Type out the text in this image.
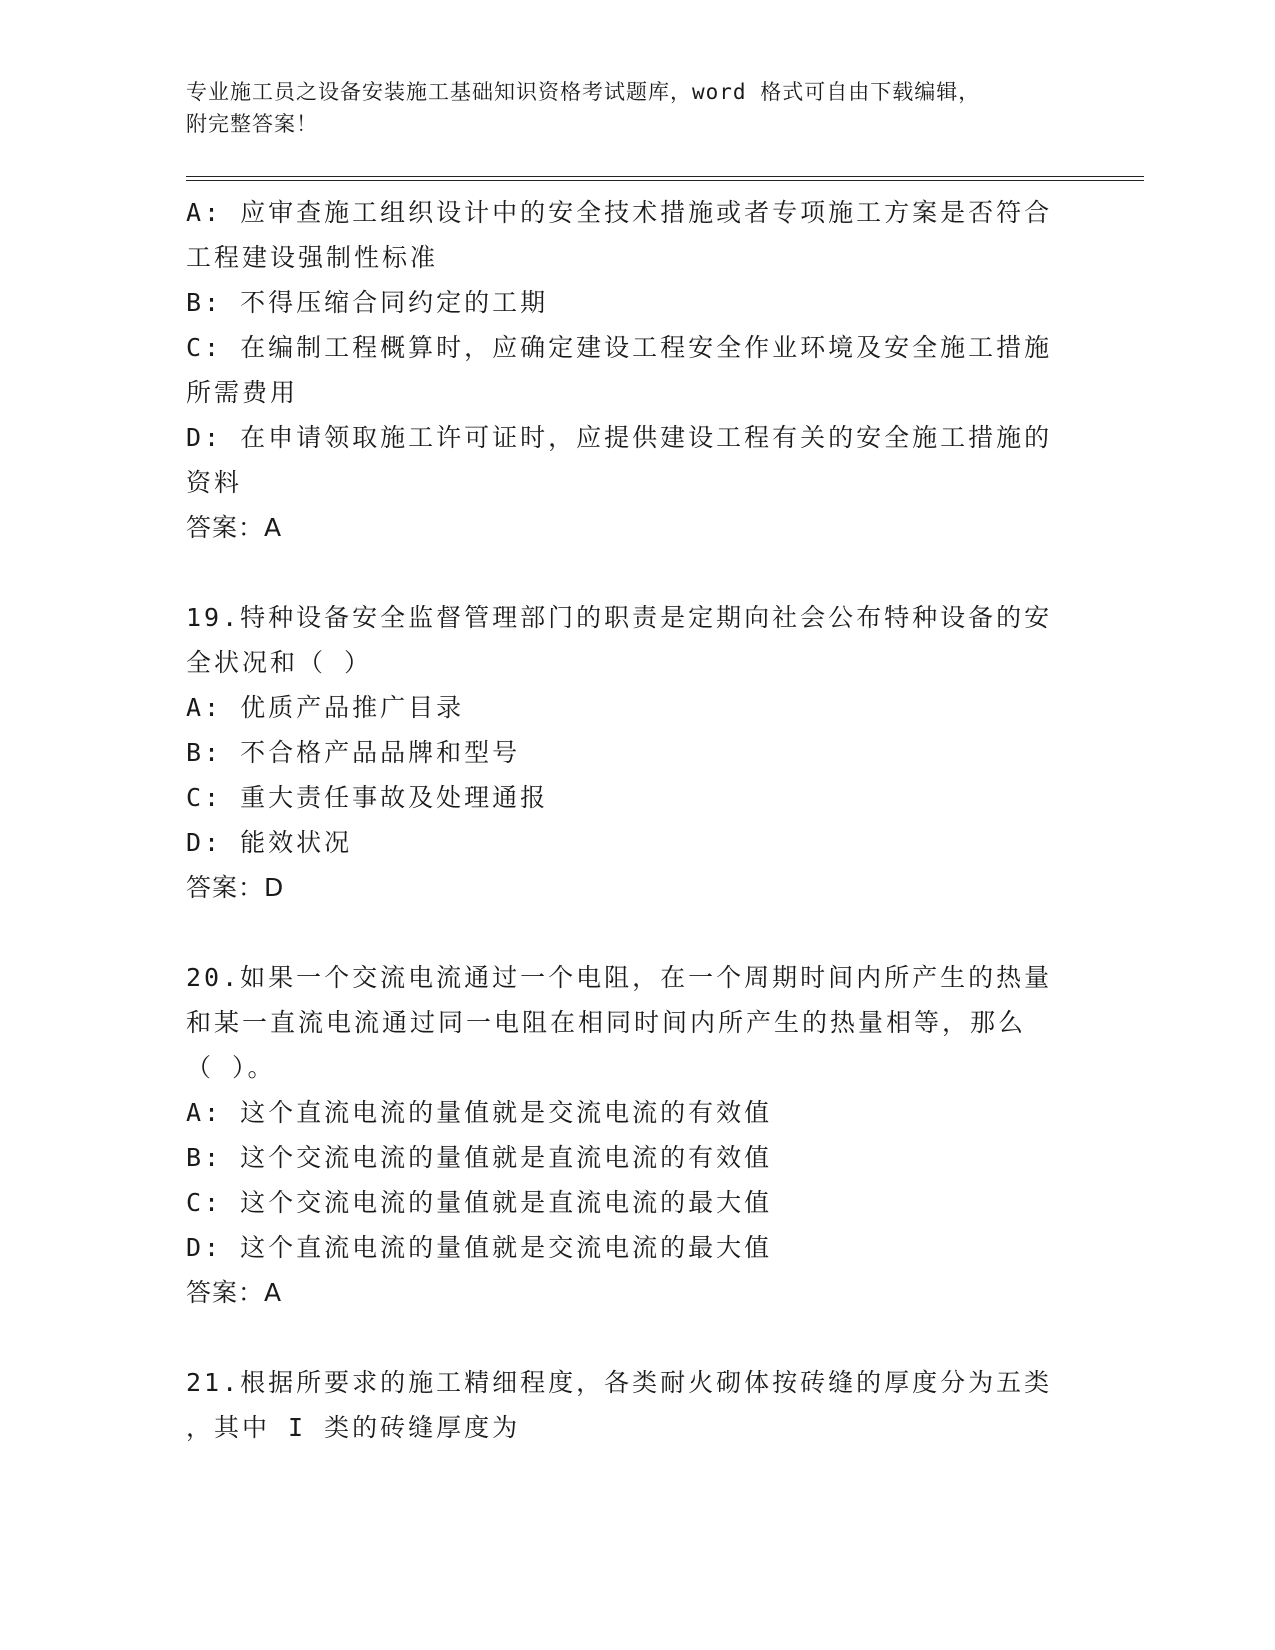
专业施工员之设备安装施工基础知识资格考试题库，word 格式可自由下载编辑，
附完整答案！
A: 应审查施工组织设计中的安全技术措施或者专项施工方案是否符合
工程建设强制性标准
B: 不得压缩合同约定的工期
C: 在编制工程概算时，应确定建设工程安全作业环境及安全施工措施
所需费用
D: 在申请领取施工许可证时，应提供建设工程有关的安全施工措施的
资料
答案：A
19.特种设备安全监督管理部门的职责是定期向社会公布特种设备的安
全状况和（ ）
A: 优质产品推广目录
B: 不合格产品品牌和型号
C: 重大责任事故及处理通报
D: 能效状况
答案：D
20.如果一个交流电流通过一个电阻，在一个周期时间内所产生的热量
和某一直流电流通过同一电阻在相同时间内所产生的热量相等，那么
（ ）。
A: 这个直流电流的量值就是交流电流的有效值
B: 这个交流电流的量值就是直流电流的有效值
C: 这个交流电流的量值就是直流电流的最大值
D: 这个直流电流的量值就是交流电流的最大值
答案：A
21.根据所要求的施工精细程度，各类耐火砌体按砖缝的厚度分为五类
，其中 I 类的砖缝厚度为
